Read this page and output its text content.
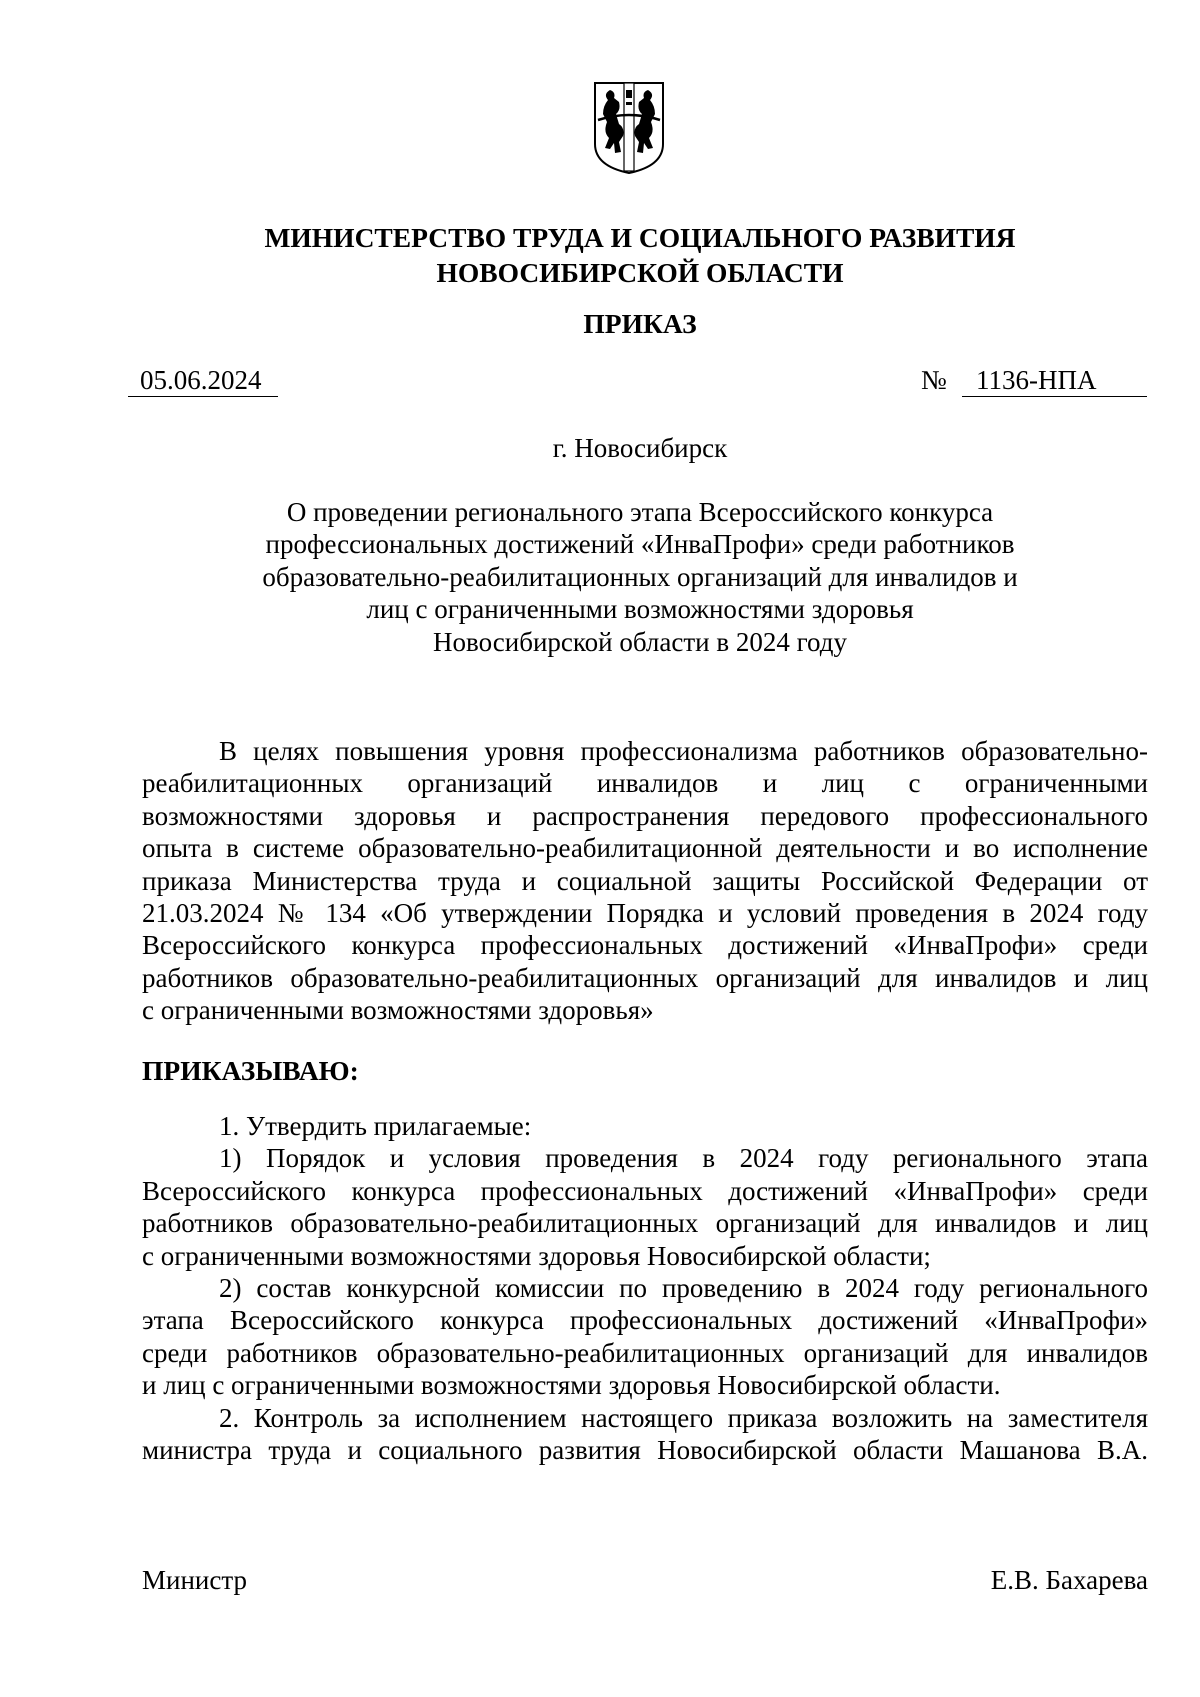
МИНИСТЕРСТВО ТРУДА И СОЦИАЛЬНОГО РАЗВИТИЯ
НОВОСИБИРСКОЙ ОБЛАСТИ
ПРИКАЗ
05.06.2024	№	1136-НПА
г. Новосибирск
О проведении регионального этапа Всероссийского конкурса
профессиональных достижений «ИнваПрофи» среди работников
образовательно-реабилитационных организаций для инвалидов и
лиц с ограниченными возможностями здоровья
Новосибирской области в 2024 году
В целях повышения уровня профессионализма работников образовательно-
реабилитационных организаций инвалидов и лиц с ограниченными
возможностями здоровья и распространения передового профессионального
опыта в системе образовательно-реабилитационной деятельности и во исполнение
приказа Министерства труда и социальной защиты Российской Федерации от
21.03.2024 № 134 «Об утверждении Порядка и условий проведения в 2024 году
Всероссийского конкурса профессиональных достижений «ИнваПрофи» среди
работников образовательно-реабилитационных организаций для инвалидов и лиц
с ограниченными возможностями здоровья»
ПРИКАЗЫВАЮ:
1. Утвердить прилагаемые:
1) Порядок и условия проведения в 2024 году регионального этапа
Всероссийского конкурса профессиональных достижений «ИнваПрофи» среди
работников образовательно-реабилитационных организаций для инвалидов и лиц
с ограниченными возможностями здоровья Новосибирской области;
2) состав конкурсной комиссии по проведению в 2024 году регионального
этапа Всероссийского конкурса профессиональных достижений «ИнваПрофи»
среди работников образовательно-реабилитационных организаций для инвалидов
и лиц с ограниченными возможностями здоровья Новосибирской области.
2. Контроль за исполнением настоящего приказа возложить на заместителя
министра труда и социального развития Новосибирской области Машанова В.А.
Министр	Е.В. Бахарева
